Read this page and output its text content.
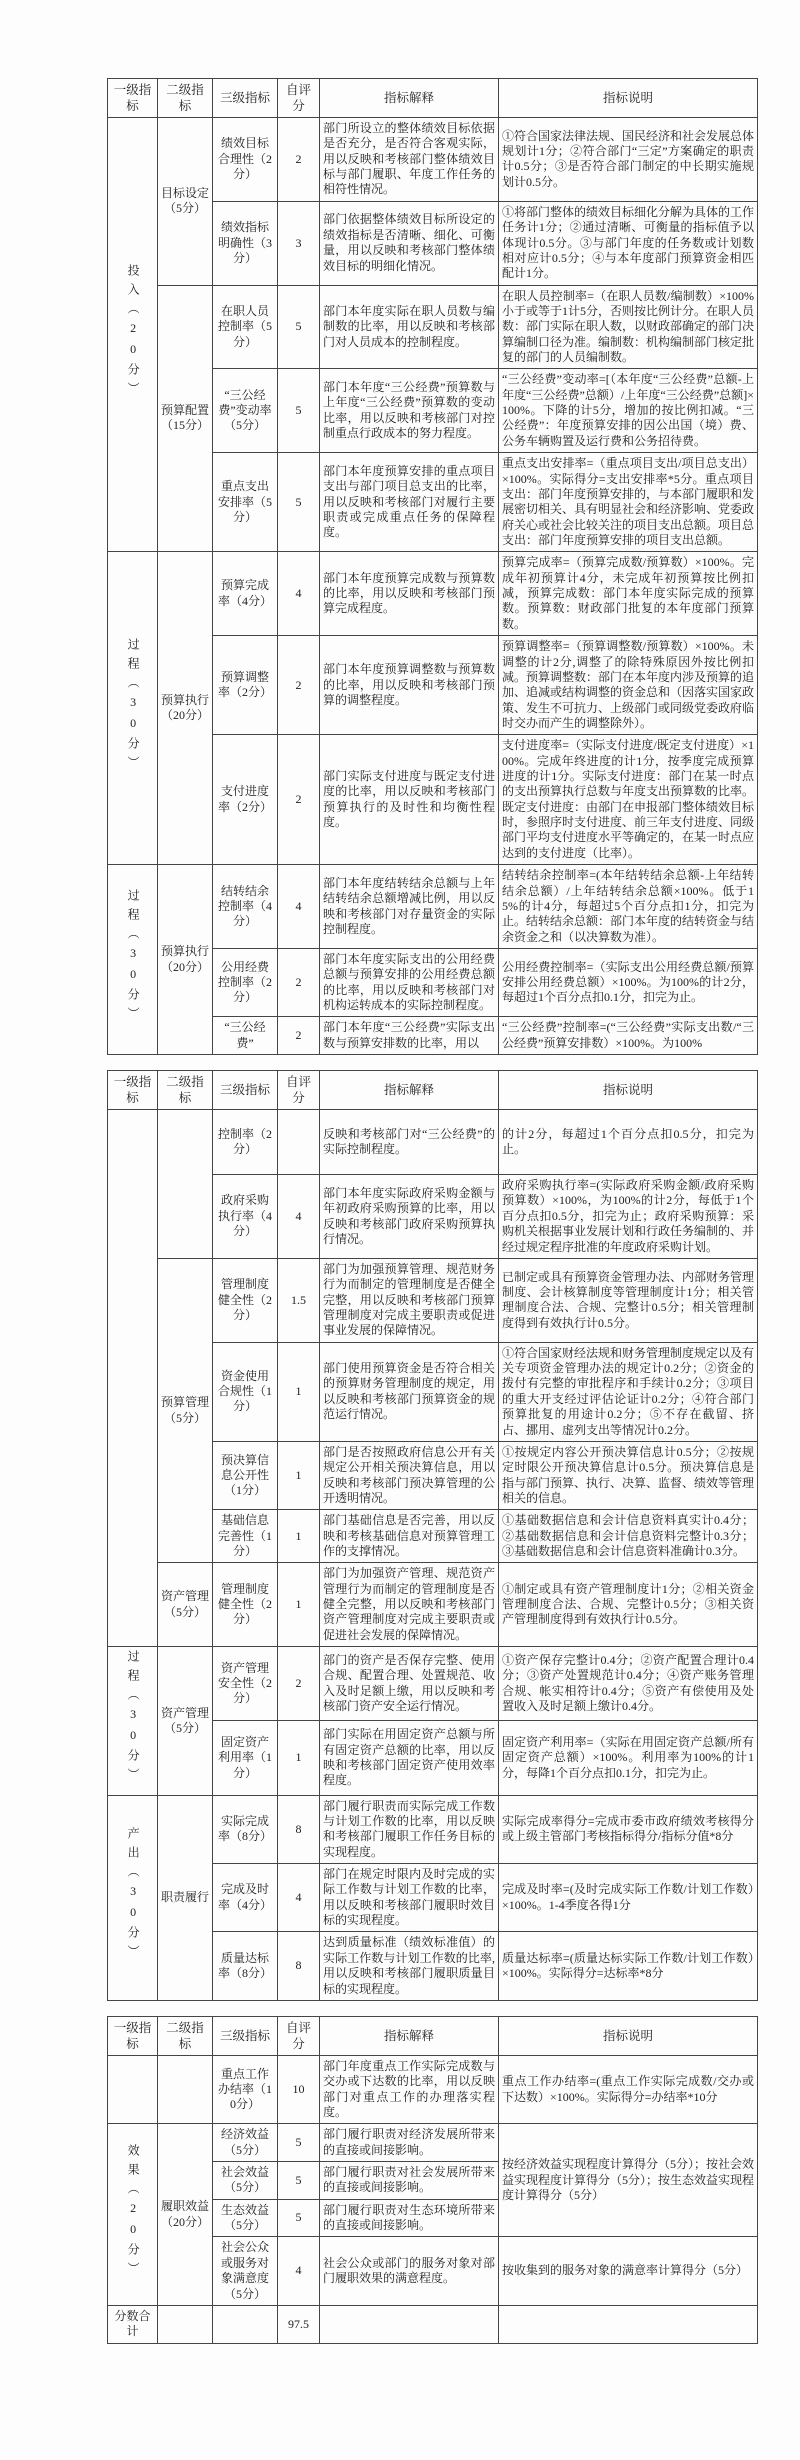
一级指标	二级指标	三级指标	自评分	指标解释	指标说明
投入（20分）	目标设定（5分）	绩效目标合理性（2分）	2	部门所设立的整体绩效目标依据是否充分，是否符合客观实际，用以反映和考核部门整体绩效目标与部门履职、年度工作任务的相符性情况。	①符合国家法律法规、国民经济和社会发展总体规划计1分；②符合部门“三定”方案确定的职责计0.5分；③是否符合部门制定的中长期实施规划计0.5分。
		绩效指标明确性（3分）	3	部门依据整体绩效目标所设定的绩效指标是否清晰、细化、可衡量，用以反映和考核部门整体绩效目标的明细化情况。	①将部门整体的绩效目标细化分解为具体的工作任务计1分；②通过清晰、可衡量的指标值予以体现计0.5分。③与部门年度的任务数或计划数相对应计0.5分；④与本年度部门预算资金相匹配计1分。
	预算配置（15分）	在职人员控制率（5分）	5	部门本年度实际在职人员数与编制数的比率，用以反映和考核部门对人员成本的控制程度。	在职人员控制率=（在职人员数/编制数）×100%小于或等于1计5分，否则按比例计分。在职人员数：部门实际在职人数，以财政部确定的部门决算编制口径为准。编制数：机构编制部门核定批复的部门的人员编制数。
		“三公经费”变动率（5分）	5	部门本年度“三公经费”预算数与上年度“三公经费”预算数的变动比率，用以反映和考核部门对控制重点行政成本的努力程度。	“三公经费”变动率=[（本年度“三公经费”总额-上年度“三公经费”总额）/上年度“三公经费”总额]×100%。下降的计5分，增加的按比例扣减。“三公经费”：年度预算安排的因公出国（境）费、公务车辆购置及运行费和公务招待费。
		重点支出安排率（5分）	5	部门本年度预算安排的重点项目支出与部门项目总支出的比率，用以反映和考核部门对履行主要职责或完成重点任务的保障程度。	重点支出安排率=（重点项目支出/项目总支出）×100%。实际得分=支出安排率*5分。重点项目支出：部门年度预算安排的，与本部门履职和发展密切相关、具有明显社会和经济影响、党委政府关心或社会比较关注的项目支出总额。项目总支出：部门年度预算安排的项目支出总额。
过程（30分）	预算执行（20分）	预算完成率（4分）	4	部门本年度预算完成数与预算数的比率，用以反映和考核部门预算完成程度。	预算完成率=（预算完成数/预算数）×100%。完成年初预算计4分，未完成年初预算按比例扣减，预算完成数：部门本年度实际完成的预算数。预算数：财政部门批复的本年度部门预算数。
		预算调整率（2分）	2	部门本年度预算调整数与预算数的比率，用以反映和考核部门预算的调整程度。	预算调整率=（预算调整数/预算数）×100%。未调整的计2分,调整了的除特殊原因外按比例扣减。预算调整数：部门在本年度内涉及预算的追加、追减或结构调整的资金总和（因落实国家政策、发生不可抗力、上级部门或同级党委政府临时交办而产生的调整除外）。
		支付进度率（2分）	2	部门实际支付进度与既定支付进度的比率，用以反映和考核部门预算执行的及时性和均衡性程度。	支付进度率=（实际支付进度/既定支付进度）×100%。完成年终进度的计1分，按季度完成预算进度的计1分。实际支付进度：部门在某一时点的支出预算执行总数与年度支出预算数的比率。既定支付进度：由部门在申报部门整体绩效目标时，参照序时支付进度、前三年支付进度、同级部门平均支付进度水平等确定的，在某一时点应达到的支付进度（比率）。
过程（30分）	预算执行（20分）	结转结余控制率（4分）	4	部门本年度结转结余总额与上年结转结余总额增减比例，用以反映和考核部门对存量资金的实际控制程度。	结转结余控制率=(本年结转结余总额-上年结转结余总额）/上年结转结余总额×100%。低于15%的计4分，每超过5个百分点扣1分，扣完为止。结转结余总额：部门本年度的结转资金与结余资金之和（以决算数为准）。
		公用经费控制率（2分）	2	部门本年度实际支出的公用经费总额与预算安排的公用经费总额的比率，用以反映和考核部门对机构运转成本的实际控制程度。	公用经费控制率=（实际支出公用经费总额/预算安排公用经费总额）×100%。为100%的计2分，每超过1个百分点扣0.1分，扣完为止。
		“三公经费”	2	部门本年度“三公经费”实际支出数与预算安排数的比率，用以	“三公经费”控制率=(“三公经费”实际支出数/“三公经费”预算安排数）×100%。为100%
一级指标	二级指标	三级指标	自评分	指标解释	指标说明
		控制率（2分）		反映和考核部门对“三公经费”的实际控制程度。	的计2分，每超过1个百分点扣0.5分，扣完为止。
		政府采购执行率（4分）	4	部门本年度实际政府采购金额与年初政府采购预算的比率，用以反映和考核部门政府采购预算执行情况。	政府采购执行率=(实际政府采购金额/政府采购预算数）×100%，为100%的计2分，每低于1个百分点扣0.5分，扣完为止；政府采购预算：采购机关根据事业发展计划和行政任务编制的、并经过规定程序批准的年度政府采购计划。
	预算管理（5分）	管理制度健全性（2分）	1.5	部门为加强预算管理、规范财务行为而制定的管理制度是否健全完整，用以反映和考核部门预算管理制度对完成主要职责或促进事业发展的保障情况。	已制定或具有预算资金管理办法、内部财务管理制度、会计核算制度等管理制度计1分；相关管理制度合法、合规、完整计0.5分；相关管理制度得到有效执行计0.5分。
		资金使用合规性（1分）	1	部门使用预算资金是否符合相关的预算财务管理制度的规定，用以反映和考核部门预算资金的规范运行情况。	①符合国家财经法规和财务管理制度规定以及有关专项资金管理办法的规定计0.2分；②资金的拨付有完整的审批程序和手续计0.2分；③项目的重大开支经过评估论证计0.2分；④符合部门预算批复的用途计0.2分；⑤不存在截留、挤占、挪用、虚列支出等情况计0.2分。
		预决算信息公开性（1分）	1	部门是否按照政府信息公开有关规定公开相关预决算信息，用以反映和考核部门预决算管理的公开透明情况。	①按规定内容公开预决算信息计0.5分；②按规定时限公开预决算信息计0.5分。预决算信息是指与部门预算、执行、决算、监督、绩效等管理相关的信息。
		基础信息完善性（1分）	1	部门基础信息是否完善，用以反映和考核基础信息对预算管理工作的支撑情况。	①基础数据信息和会计信息资料真实计0.4分；②基础数据信息和会计信息资料完整计0.3分；③基础数据信息和会计信息资料准确计0.3分。
	资产管理（5分）	管理制度健全性（2分）	1	部门为加强资产管理、规范资产管理行为而制定的管理制度是否健全完整，用以反映和考核部门资产管理制度对完成主要职责或促进社会发展的保障情况。	①制定或具有资产管理制度计1分；②相关资金管理制度合法、合规、完整计0.5分；③相关资产管理制度得到有效执行计0.5分。
过程（30分）	资产管理（5分）	资产管理安全性（2分）	2	部门的资产是否保存完整、使用合规、配置合理、处置规范、收入及时足额上缴，用以反映和考核部门资产安全运行情况。	①资产保存完整计0.4分；②资产配置合理计0.4分；③资产处置规范计0.4分；④资产账务管理合规、帐实相符计0.4分；⑤资产有偿使用及处置收入及时足额上缴计0.4分。
		固定资产利用率（1分）	1	部门实际在用固定资产总额与所有固定资产总额的比率，用以反映和考核部门固定资产使用效率程度。	固定资产利用率=（实际在用固定资产总额/所有固定资产总额）×100%。利用率为100%的计1分，每降1个百分点扣0.1分，扣完为止。
产出（30分）	职责履行	实际完成率（8分）	8	部门履行职责而实际完成工作数与计划工作数的比率，用以反映和考核部门履职工作任务目标的实现程度。	实际完成率得分=完成市委市政府绩效考核得分或上级主管部门考核指标得分/指标分值*8分
		完成及时率（4分）	4	部门在规定时限内及时完成的实际工作数与计划工作数的比率，用以反映和考核部门履职时效目标的实现程度。	完成及时率=(及时完成实际工作数/计划工作数）×100%。1-4季度各得1分
		质量达标率（8分）	8	达到质量标准（绩效标准值）的实际工作数与计划工作数的比率,用以反映和考核部门履职质量目标的实现程度。	质量达标率=(质量达标实际工作数/计划工作数）×100%。实际得分=达标率*8分
一级指标	二级指标	三级指标	自评分	指标解释	指标说明
		重点工作办结率（10分）	10	部门年度重点工作实际完成数与交办或下达数的比率，用以反映部门对重点工作的办理落实程度。	重点工作办结率=(重点工作实际完成数/交办或下达数）×100%。实际得分=办结率*10分
效果（20分）	履职效益（20分）	经济效益（5分）	5	部门履行职责对经济发展所带来的直接或间接影响。	按经济效益实现程度计算得分（5分）；按社会效益实现程度计算得分（5分）；按生态效益实现程度计算得分（5分）
		社会效益（5分）	5	部门履行职责对社会发展所带来的直接或间接影响。	
		生态效益（5分）	5	部门履行职责对生态环境所带来的直接或间接影响。	
		社会公众或服务对象满意度（5分）	4	社会公众或部门的服务对象对部门履职效果的满意程度。	按收集到的服务对象的满意率计算得分（5分）
分数合计			97.5		
